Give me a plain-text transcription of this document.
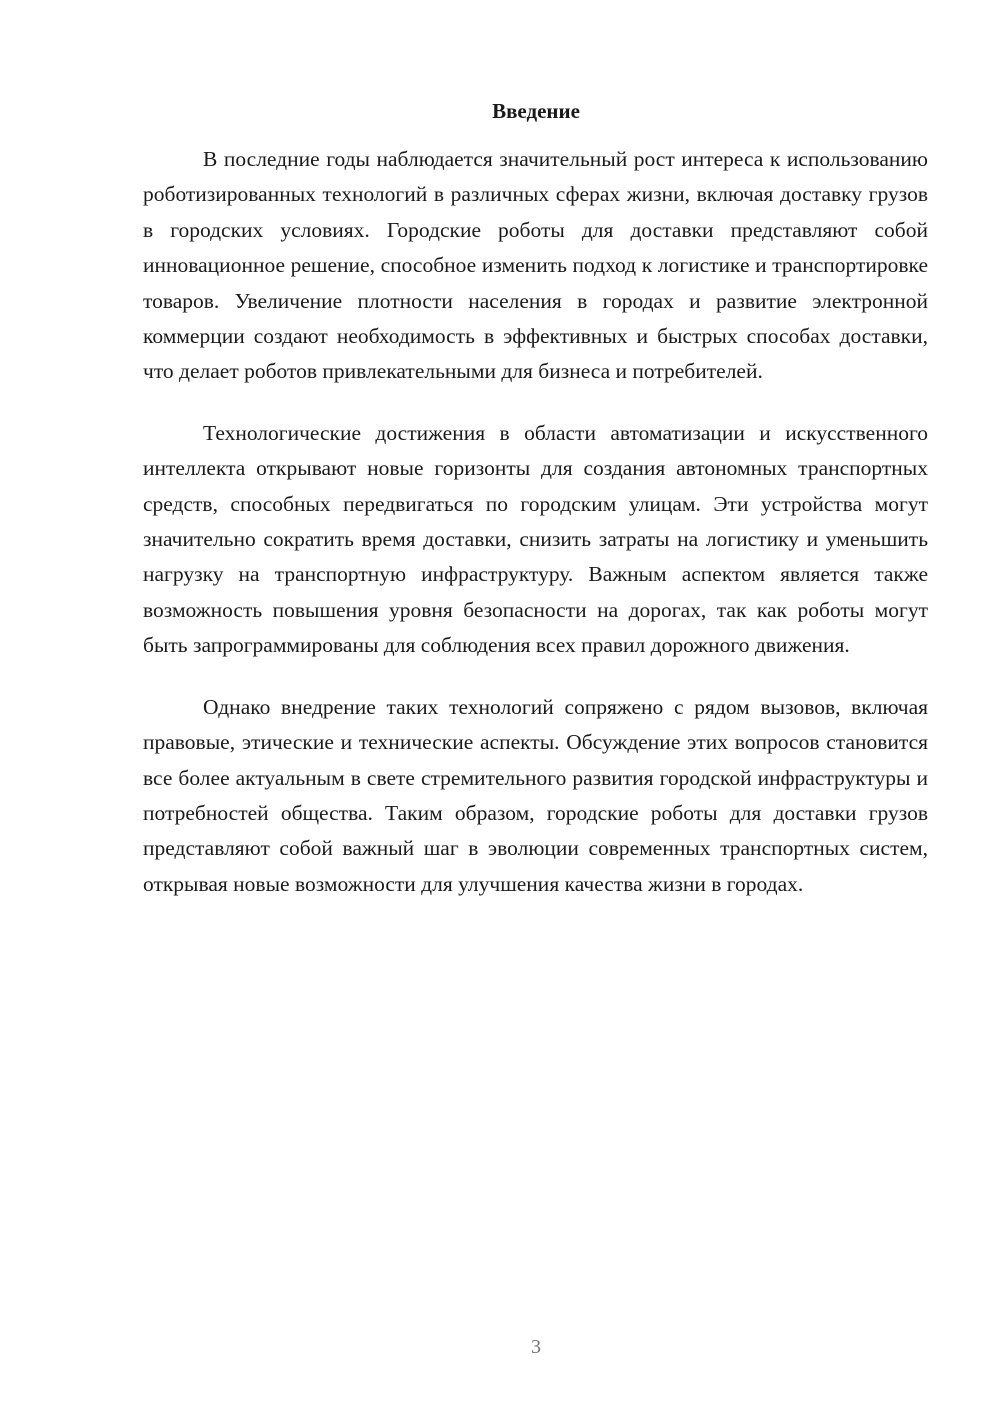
Введение

В последние годы наблюдается значительный рост интереса к использованию роботизированных технологий в различных сферах жизни, включая доставку грузов в городских условиях. Городские роботы для доставки представляют собой инновационное решение, способное изменить подход к логистике и транспортировке товаров. Увеличение плотности населения в городах и развитие электронной коммерции создают необходимость в эффективных и быстрых способах доставки, что делает роботов привлекательными для бизнеса и потребителей.

Технологические достижения в области автоматизации и искусственного интеллекта открывают новые горизонты для создания автономных транспортных средств, способных передвигаться по городским улицам. Эти устройства могут значительно сократить время доставки, снизить затраты на логистику и уменьшить нагрузку на транспортную инфраструктуру. Важным аспектом является также возможность повышения уровня безопасности на дорогах, так как роботы могут быть запрограммированы для соблюдения всех правил дорожного движения.

Однако внедрение таких технологий сопряжено с рядом вызовов, включая правовые, этические и технические аспекты. Обсуждение этих вопросов становится все более актуальным в свете стремительного развития городской инфраструктуры и потребностей общества. Таким образом, городские роботы для доставки грузов представляют собой важный шаг в эволюции современных транспортных систем, открывая новые возможности для улучшения качества жизни в городах.

3
